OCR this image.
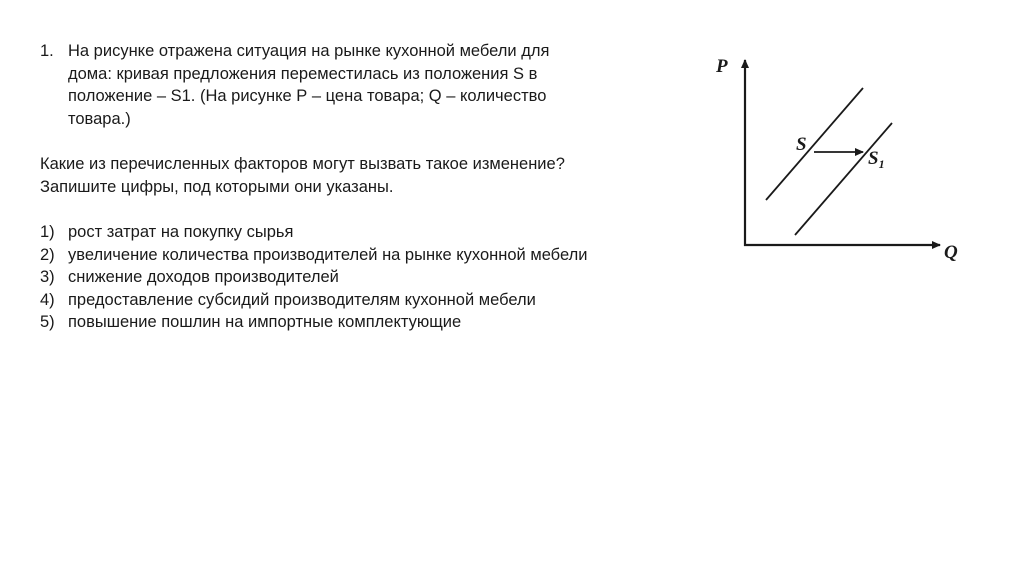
1. На рисунке отражена ситуация на рынке кухонной мебели для

дома: кривая предложения переместилась из положения S в

положение – S1. (На рисунке Р – цена товара; Q – количество

товара.)

Какие из перечисленных факторов могут вызвать такое изменение?

Запишите цифры, под которыми они указаны.

1) рост затрат на покупку сырья
2) увеличение количества производителей на рынке кухонной мебели
3) снижение доходов производителей
4) предоставление субсидий производителям кухонной мебели
5) повышение пошлин на импортные комплектующие
P
Q
S
$S_1$
